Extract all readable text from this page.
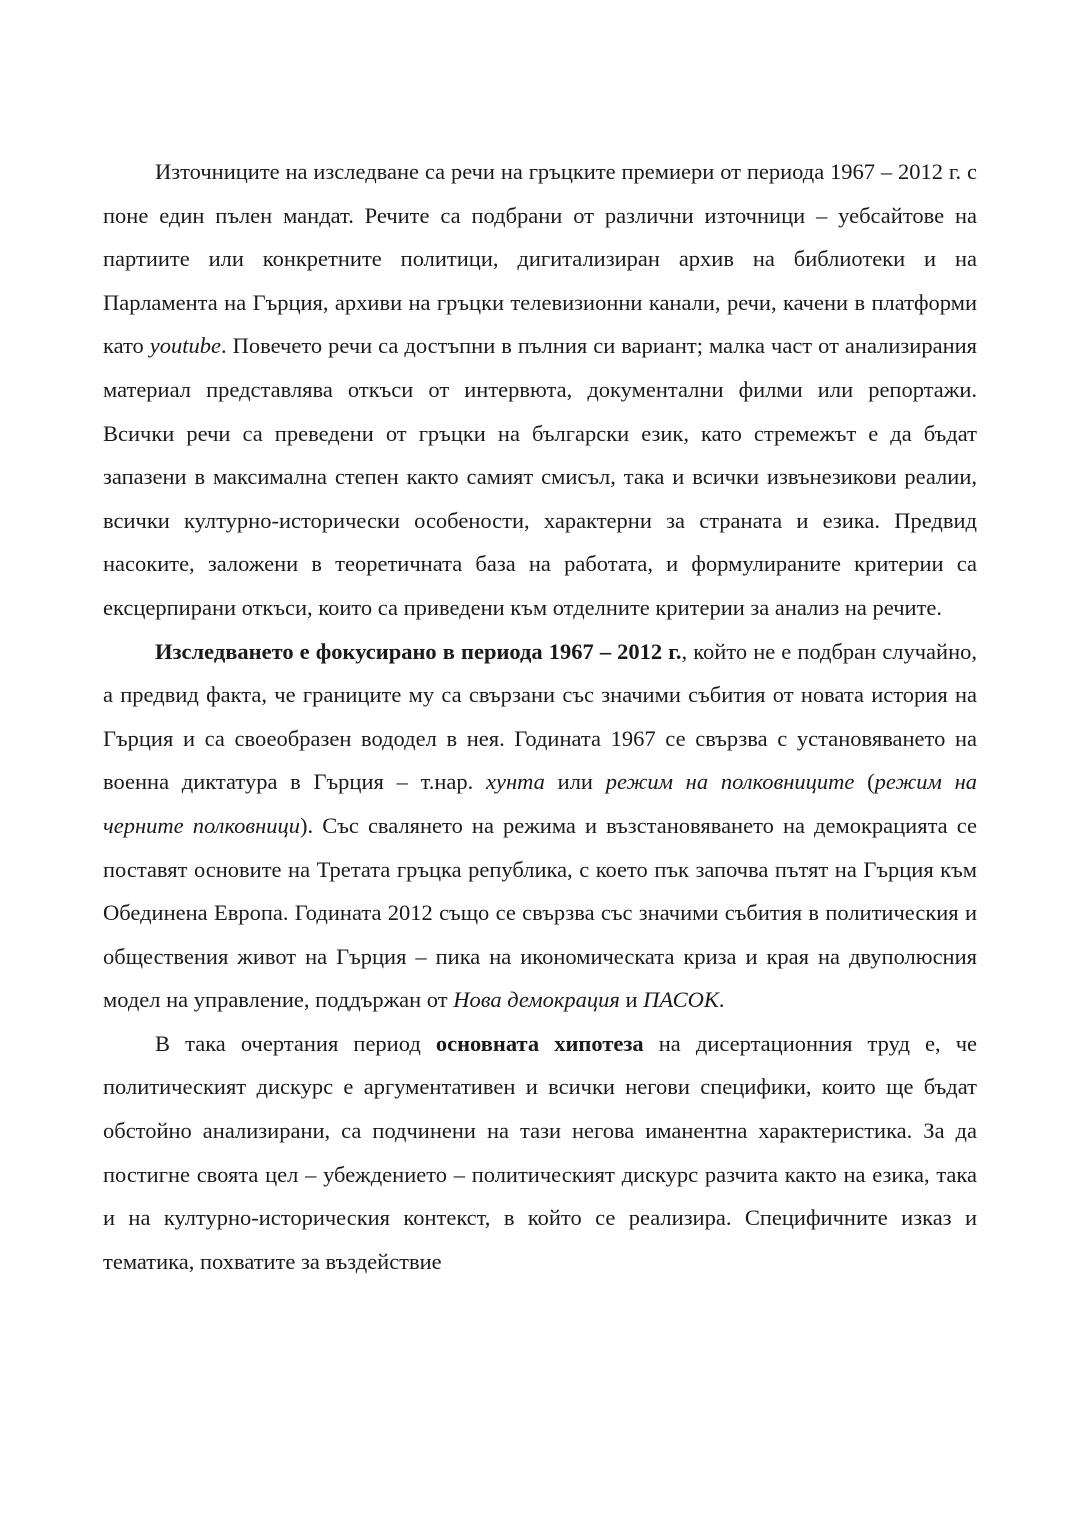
Източниците на изследване са речи на гръцките премиери от периода 1967 – 2012 г. с поне един пълен мандат. Речите са подбрани от различни източници – уебсайтове на партиите или конкретните политици, дигитализиран архив на библиотеки и на Парламента на Гърция, архиви на гръцки телевизионни канали, речи, качени в платформи като youtube. Повечето речи са достъпни в пълния си вариант; малка част от анализирания материал представлява откъси от интервюта, документални филми или репортажи. Всички речи са преведени от гръцки на български език, като стремежът е да бъдат запазени в максимална степен както самият смисъл, така и всички извънезикови реалии, всички културно-исторически особености, характерни за страната и езика. Предвид насоките, заложени в теоретичната база на работата, и формулираните критерии са ексцерпирани откъси, които са приведени към отделните критерии за анализ на речите.

Изследването е фокусирано в периода 1967 – 2012 г., който не е подбран случайно, а предвид факта, че границите му са свързани със значими събития от новата история на Гърция и са своеобразен вододел в нея. Годината 1967 се свързва с установяването на военна диктатура в Гърция – т.нар. хунта или режим на полковниците (режим на черните полковници). Със свалянето на режима и възстановяването на демокрацията се поставят основите на Третата гръцка република, с което пък започва пътят на Гърция към Обединена Европа. Годината 2012 също се свързва със значими събития в политическия и обществения живот на Гърция – пика на икономическата криза и края на двуполюсния модел на управление, поддържан от Нова демокрация и ПАСОК.

В така очертания период основната хипотеза на дисертационния труд е, че политическият дискурс е аргументативен и всички негови специфики, които ще бъдат обстойно анализирани, са подчинени на тази негова иманентна характеристика. За да постигне своята цел – убеждението – политическият дискурс разчита както на езика, така и на културно-историческия контекст, в който се реализира. Специфичните изказ и тематика, похватите за въздействие
